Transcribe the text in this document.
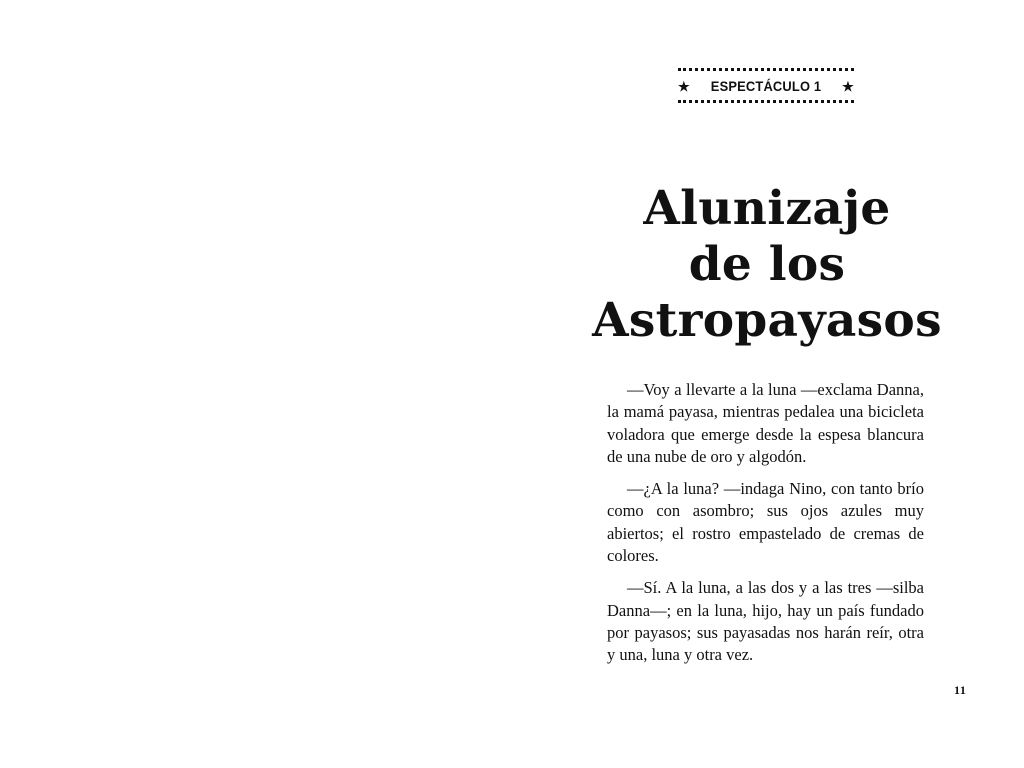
★ ESPECTÁCULO 1 ★
Alunizaje
de los
Astropayasos

—Voy a llevarte a la luna —exclama Danna, la mamá payasa, mientras pedalea una bicicleta voladora que emerge desde la espesa blancura de una nube de oro y algodón.

—¿A la luna? —indaga Nino, con tanto brío como con asombro; sus ojos azules muy abiertos; el rostro empastelado de cremas de colores.

—Sí. A la luna, a las dos y a las tres —silba Danna—; en la luna, hijo, hay un país fundado por payasos; sus payasadas nos harán reír, otra y una, luna y otra vez.

11
